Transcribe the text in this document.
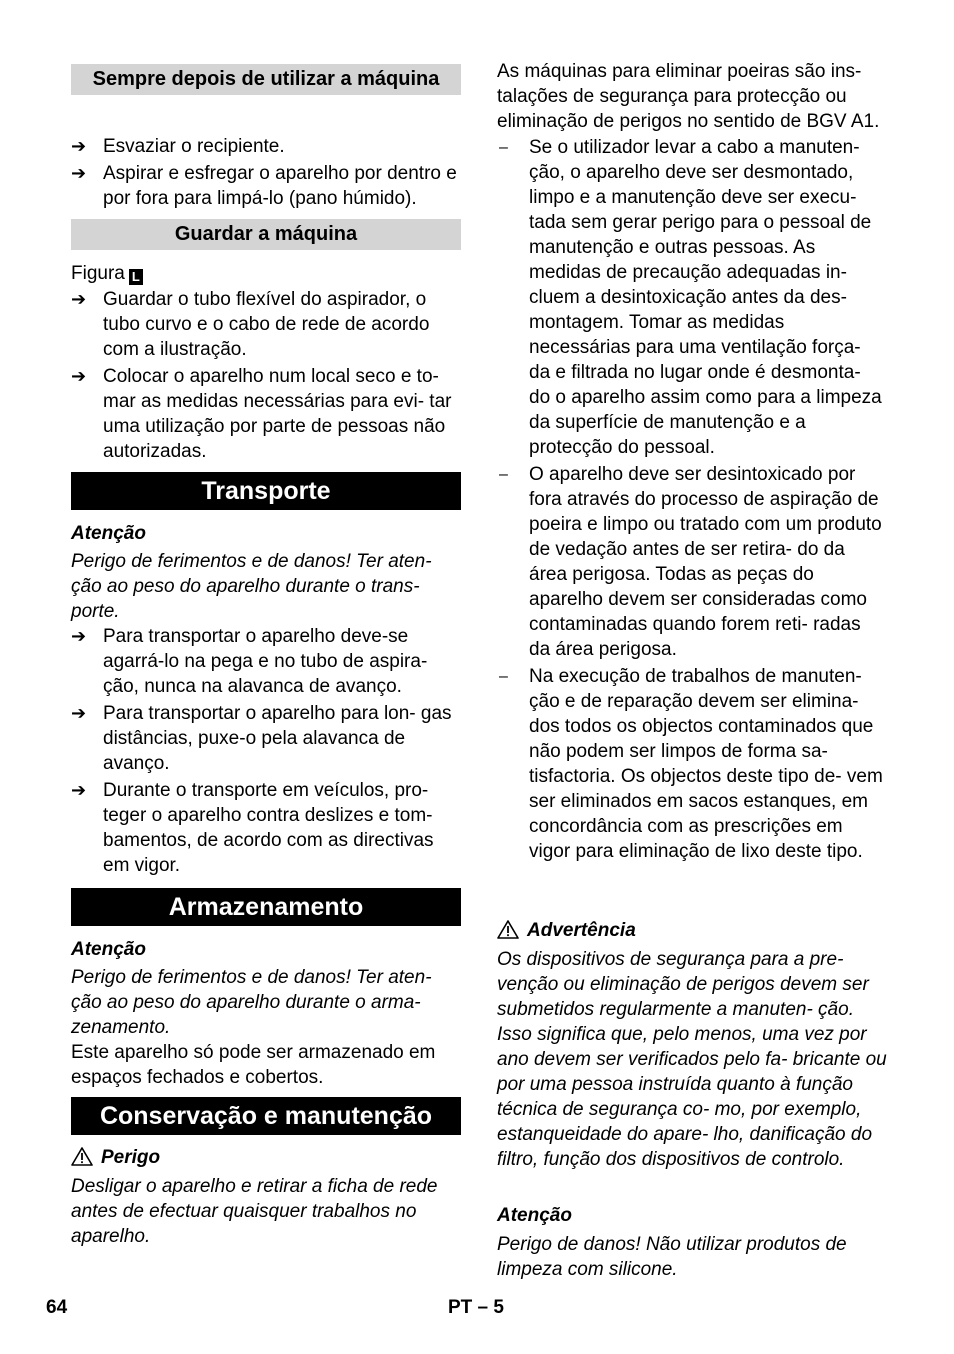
Sempre depois de utilizar a máquina

➔ Esvaziar o recipiente.

➔ Aspirar e esfregar o aparelho por dentro e por fora para limpá-lo (pano húmido).

Guardar a máquina
Figura L

➔ Guardar o tubo flexível do aspirador, o tubo curvo e o cabo de rede de acordo com a ilustração.

➔ Colocar o aparelho num local seco e to- mar as medidas necessárias para evi- tar uma utilização por parte de pessoas não autorizadas.

Transporte
Atenção
Perigo de ferimentos e de danos! Ter aten- ção ao peso do aparelho durante o trans- porte.

➔ Para transportar o aparelho deve-se agarrá-lo na pega e no tubo de aspira- ção, nunca na alavanca de avanço.

➔ Para transportar o aparelho para lon- gas distâncias, puxe-o pela alavanca de avanço.

➔ Durante o transporte em veículos, pro- teger o aparelho contra deslizes e tom- bamentos, de acordo com as directivas em vigor.

Armazenamento
Atenção
Perigo de ferimentos e de danos! Ter aten- ção ao peso do aparelho durante o arma- zenamento.
Este aparelho só pode ser armazenado em espaços fechados e cobertos.
Conservação e manutenção
Perigo
Desligar o aparelho e retirar a ficha de rede antes de efectuar quaisquer trabalhos no aparelho.
As máquinas para eliminar poeiras são ins- talações de segurança para protecção ou eliminação de perigos no sentido de BGV A1.

– Se o utilizador levar a cabo a manuten- ção, o aparelho deve ser desmontado, limpo e a manutenção deve ser execu- tada sem gerar perigo para o pessoal de manutenção e outras pessoas. As medidas de precaução adequadas in- cluem a desintoxicação antes da des- montagem. Tomar as medidas necessárias para uma ventilação força- da e filtrada no lugar onde é desmonta- do o aparelho assim como para a limpeza da superfície de manutenção e a protecção do pessoal.

– O aparelho deve ser desintoxicado por fora através do processo de aspiração de poeira e limpo ou tratado com um produto de vedação antes de ser retira- do da área perigosa. Todas as peças do aparelho devem ser consideradas como contaminadas quando forem reti- radas da área perigosa.

– Na execução de trabalhos de manuten- ção e de reparação devem ser elimina- dos todos os objectos contaminados que não podem ser limpos de forma sa- tisfactoria. Os objectos deste tipo de- vem ser eliminados em sacos estanques, em concordância com as prescrições em vigor para eliminação de lixo deste tipo.

Advertência
Os dispositivos de segurança para a pre- venção ou eliminação de perigos devem ser submetidos regularmente a manuten- ção. Isso significa que, pelo menos, uma vez por ano devem ser verificados pelo fa- bricante ou por uma pessoa instruída quanto à função técnica de segurança co- mo, por exemplo, estanqueidade do apare- lho, danificação do filtro, função dos dispositivos de controlo.
Atenção
Perigo de danos! Não utilizar produtos de limpeza com silicone.
64	PT – 5
